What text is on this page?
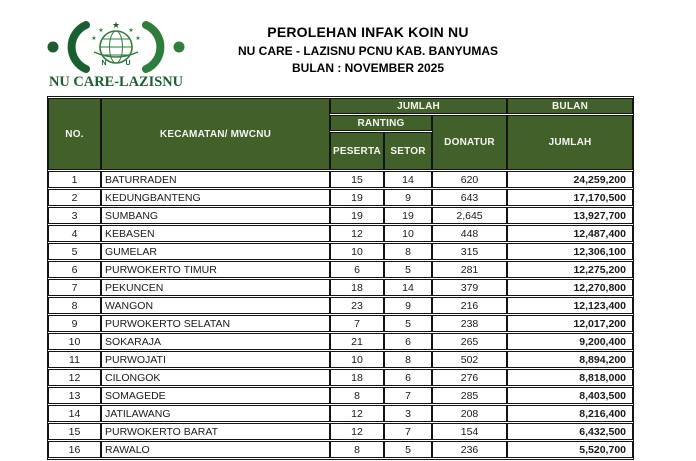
★
★	★
★	★
N	U
NU CARE-LAZISNU
PEROLEHAN INFAK KOIN NU
NU CARE - LAZISNU PCNU KAB. BANYUMAS
BULAN : NOVEMBER 2025
NO.	KECAMATAN/ MWCNU	JUMLAH			BULAN
		RANTING		DONATUR	JUMLAH
		PESERTA	SETOR		
1	BATURRADEN	15	14	620	24,259,200
2	KEDUNGBANTENG	19	9	643	17,170,500
3	SUMBANG	19	19	2,645	13,927,700
4	KEBASEN	12	10	448	12,487,400
5	GUMELAR	10	8	315	12,306,100
6	PURWOKERTO TIMUR	6	5	281	12,275,200
7	PEKUNCEN	18	14	379	12,270,800
8	WANGON	23	9	216	12,123,400
9	PURWOKERTO SELATAN	7	5	238	12,017,200
10	SOKARAJA	21	6	265	9,200,400
11	PURWOJATI	10	8	502	8,894,200
12	CILONGOK	18	6	276	8,818,000
13	SOMAGEDE	8	7	285	8,403,500
14	JATILAWANG	12	3	208	8,216,400
15	PURWOKERTO BARAT	12	7	154	6,432,500
16	RAWALO	8	5	236	5,520,700
